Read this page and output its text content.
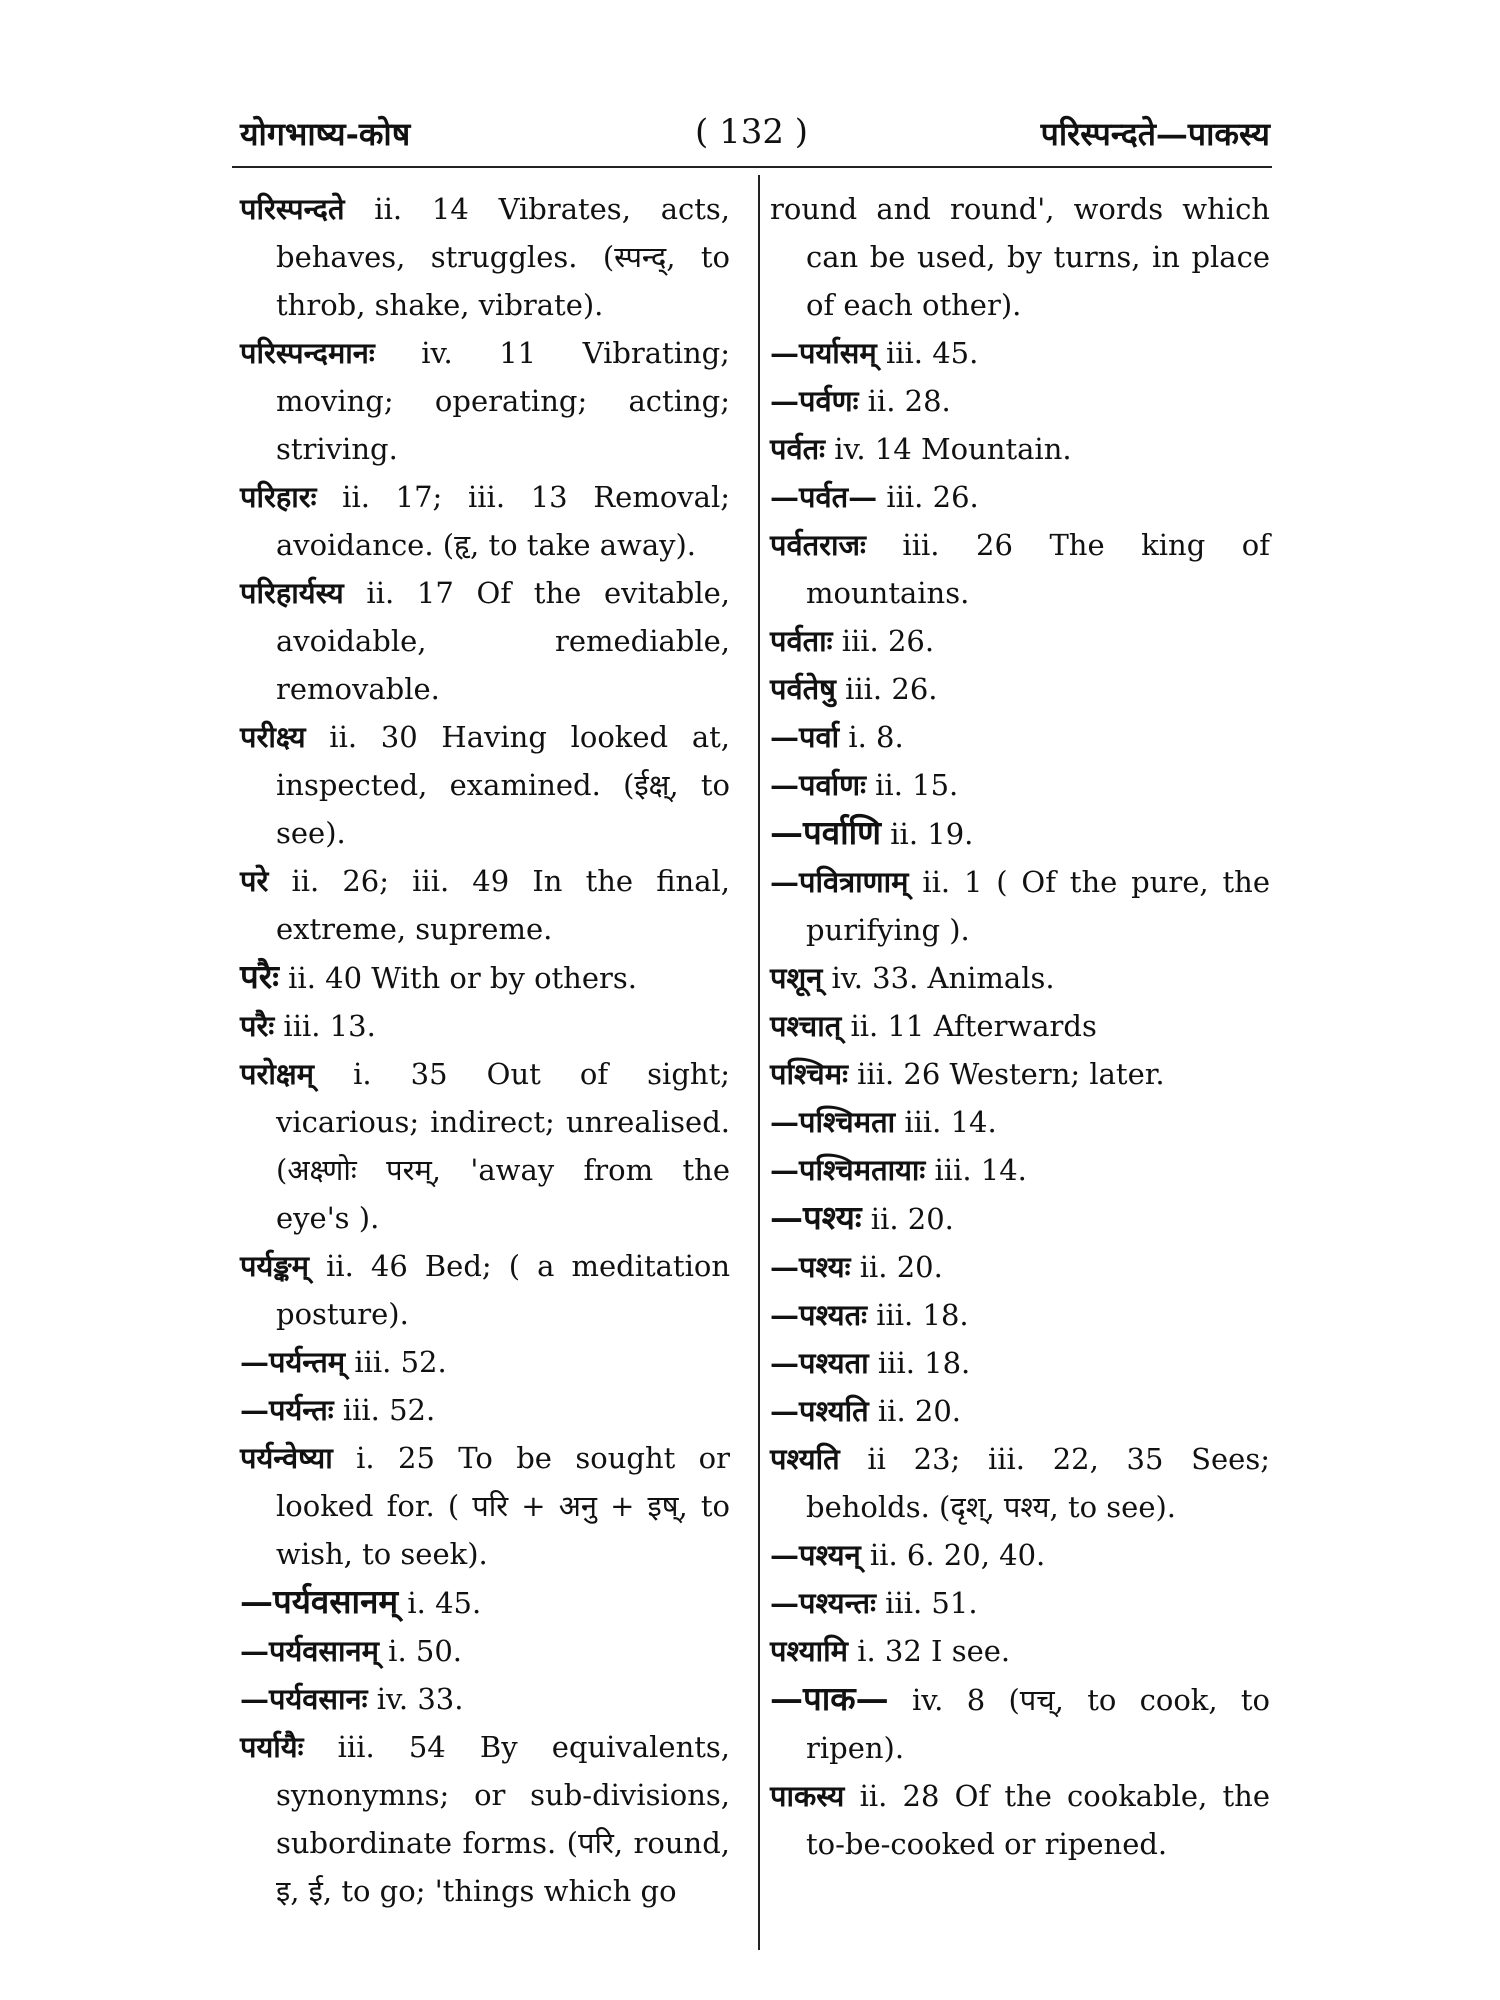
योगभाष्य-कोष	( 132 )	परिस्पन्दते—पाकस्य

परिस्पन्दते ii. 14 Vibrates, acts, behaves, struggles. (स्पन्द्, to throb, shake, vibrate).

परिस्पन्दमानः iv. 11 Vibrating; moving; operating; acting; striving.

परिहारः ii. 17; iii. 13 Removal; avoidance. (हृ, to take away).

परिहार्यस्य ii. 17 Of the evitable, avoidable, remediable, removable.

परीक्ष्य ii. 30 Having looked at, inspected, examined. (ईक्ष्, to see).

परे ii. 26; iii. 49 In the final, extreme, supreme.

परैः ii. 40 With or by others.

परैः iii. 13.

परोक्षम् i. 35 Out of sight; vicarious; indirect; unrealised. (अक्ष्णोः परम्, 'away from the eye's ).

पर्यङ्कम् ii. 46 Bed; ( a meditation posture).

—पर्यन्तम् iii. 52.

—पर्यन्तः iii. 52.

पर्यन्वेष्या i. 25 To be sought or looked for. ( परि + अनु + इष्, to wish, to seek).

—पर्यवसानम् i. 45.

—पर्यवसानम् i. 50.

—पर्यवसानः iv. 33.

पर्यायैः iii. 54 By equivalents, synonymns; or sub-divisions, subordinate forms. (परि, round, इ, ई, to go; 'things which go

round and round', words which can be used, by turns, in place of each other).

—पर्यासम् iii. 45.

—पर्वणः ii. 28.

पर्वतः iv. 14 Mountain.

—पर्वत— iii. 26.

पर्वतराजः iii. 26 The king of mountains.

पर्वताः iii. 26.

पर्वतेषु iii. 26.

—पर्वा i. 8.

—पर्वाणः ii. 15.

—पर्वाणि ii. 19.

—पवित्राणाम् ii. 1 ( Of the pure, the purifying ).

पशून् iv. 33. Animals.

पश्चात् ii. 11 Afterwards

पश्चिमः iii. 26 Western; later.

—पश्चिमता iii. 14.

—पश्चिमतायाः iii. 14.

—पश्यः ii. 20.

—पश्यः ii. 20.

—पश्यतः iii. 18.

—पश्यता iii. 18.

—पश्यति ii. 20.

पश्यति ii 23; iii. 22, 35 Sees; beholds. (दृश्, पश्य, to see).

—पश्यन् ii. 6. 20, 40.

—पश्यन्तः iii. 51.

पश्यामि i. 32 I see.

—पाक— iv. 8 (पच्, to cook, to ripen).

पाकस्य ii. 28 Of the cookable, the to-be-cooked or ripened.
